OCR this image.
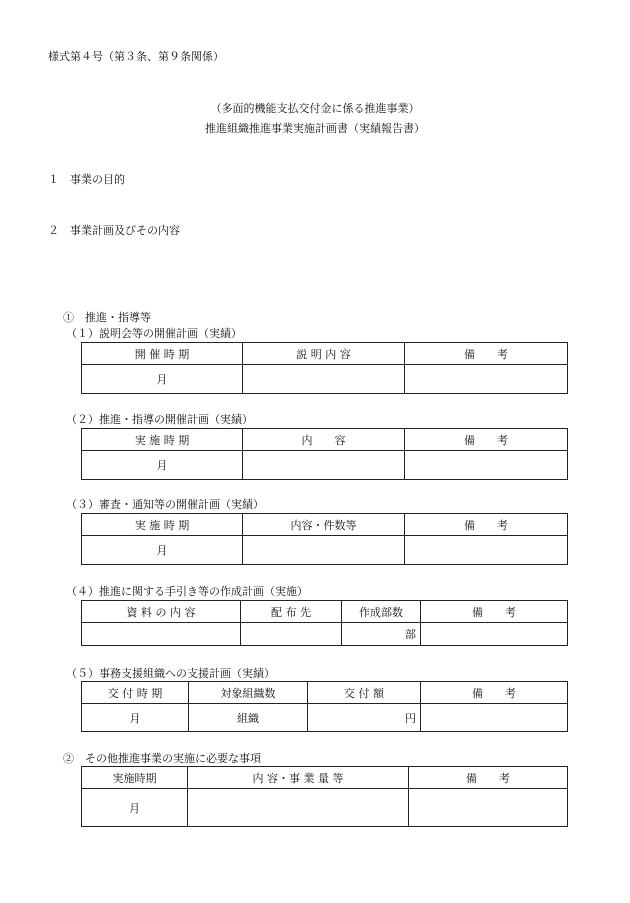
様式第４号（第３条、第９条関係）
（多面的機能支払交付金に係る推進事業）
推進組織推進事業実施計画書（実績報告書）
１　事業の目的
２　事業計画及びその内容
①　推進・指導等
（１）説明会等の開催計画（実績）
開 催 時 期	説 明 内 容	備　　考
月		
（２）推進・指導の開催計画（実績）
実 施 時 期	内　　容	備　　考
月		
（３）審査・通知等の開催計画（実績）
実 施 時 期	内容・件数等	備　　考
月		
（４）推進に関する手引き等の作成計画（実施）
資 料 の 内 容	配 布 先	作成部数	備　　考
		部	
（５）事務支援組織への支援計画（実績）
交 付 時 期	対象組織数	交 付 額	備　　考
月	組織	円	
②　その他推進事業の実施に必要な事項
実施時期	内 容・事 業 量 等	備　　考
月		
